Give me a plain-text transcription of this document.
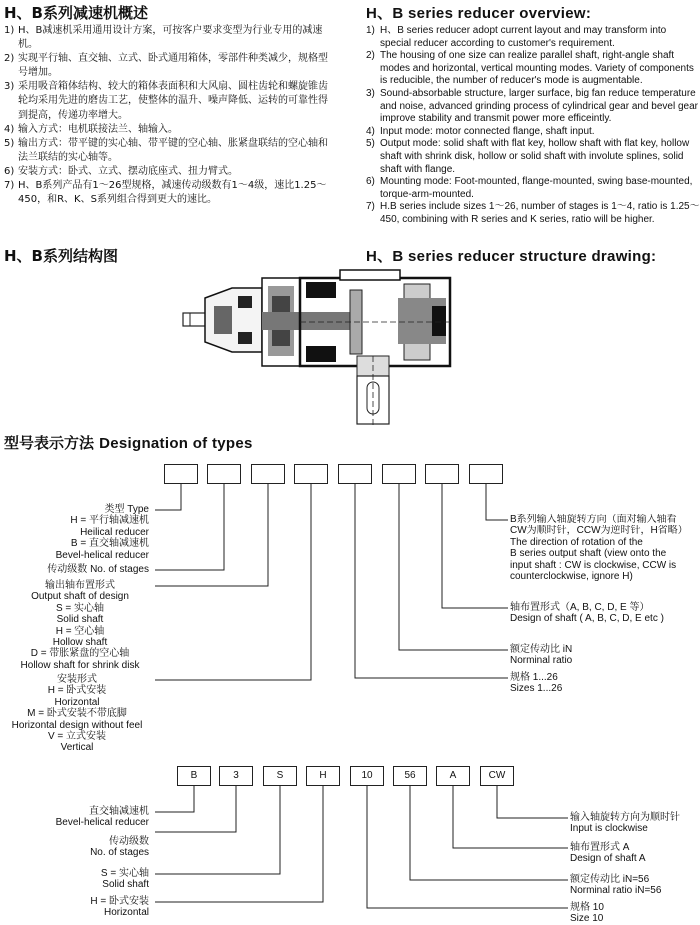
H、B系列减速机概述
1) H、B减速机采用通用设计方案，可按客户要求变型为行业专用的减速机。
2) 实现平行轴、直交轴、立式、卧式通用箱体，零部件种类减少，规格型号增加。
3) 采用吸音箱体结构、较大的箱体表面积和大风扇、圆柱齿轮和螺旋锥齿轮均采用先进的磨齿工艺，使整体的温升、噪声降低、运转的可靠性得到提高，传递功率增大。
4) 输入方式：电机联接法兰、轴输入。
5) 输出方式：带平键的实心轴、带平键的空心轴、胀紧盘联结的空心轴和法兰联结的实心轴等。
6) 安装方式：卧式、立式、摆动底座式、扭力臂式。
7) H、B系列产品有1～26型规格，减速传动级数有1～4级，速比1.25～450，和R、K、S系列组合得到更大的速比。
H、B series reducer overview:
1) H、B series reducer adopt current layout and may transform into special reducer according to customer's requirement.
2) The housing of one size can realize parallel shaft, right-angle shaft modes and horizontal, vertical mounting modes. Variety of components is reducible, the number of reducer's mode is augmentable.
3) Sound-absorbable structure, larger surface, big fan reduce temperature and noise, advanced grinding process of cylindrical gear and bevel gear improve stability and transmit power more efficeintly.
4) Input mode: motor connected flange, shaft input.
5) Output mode: solid shaft with flat key, hollow shaft with flat key, hollow shaft with shrink disk, hollow or solid shaft with involute splines, solid shaft with flange.
6) Mounting mode: Foot-mounted, flange-mounted, swing base-mounted, torque-arm-mounted.
7) H.B series include sizes 1～26, number of stages is 1～4, ratio is 1.25～450, combining with R series and K series, ratio will be higher.
H、B系列结构图	H、B series reducer structure drawing:
型号表示方法 Designation of types
类型 Type
H = 平行轴减速机
Heilical reducer
B = 直交轴减速机
Bevel-helical reducer
传动级数 No. of stages
输出轴布置形式
Output shaft of design
S = 实心轴
Solid shaft
H = 空心轴
Hollow shaft
D = 带胀紧盘的空心轴
Hollow shaft for shrink disk
安装形式
H = 卧式安装
Horizontal
M = 卧式安装不带底脚
Horizontal design without feel
V = 立式安装
Vertical
B系列输入轴旋转方向（面对输入轴看
CW为顺时针，CCW为逆时针，H省略）
The direction of rotation of the
B series output shaft (view onto the
input shaft : CW is clockwise, CCW is
counterclockwise, ignore H)
轴布置形式（A, B, C, D, E 等）
Design of shaft ( A, B, C, D, E etc )
额定传动比 iN
Norminal ratio
规格 1...26
Sizes 1...26
B	3	S	H	10	56	A	CW
直交轴减速机
Bevel-helical reducer
传动级数
No. of stages
S = 实心轴
Solid shaft
H = 卧式安装
Horizontal
输入轴旋转方向为顺时针
Input is clockwise
轴布置形式 A
Design of shaft A
额定传动比 iN=56
Norminal ratio iN=56
规格 10
Size 10
